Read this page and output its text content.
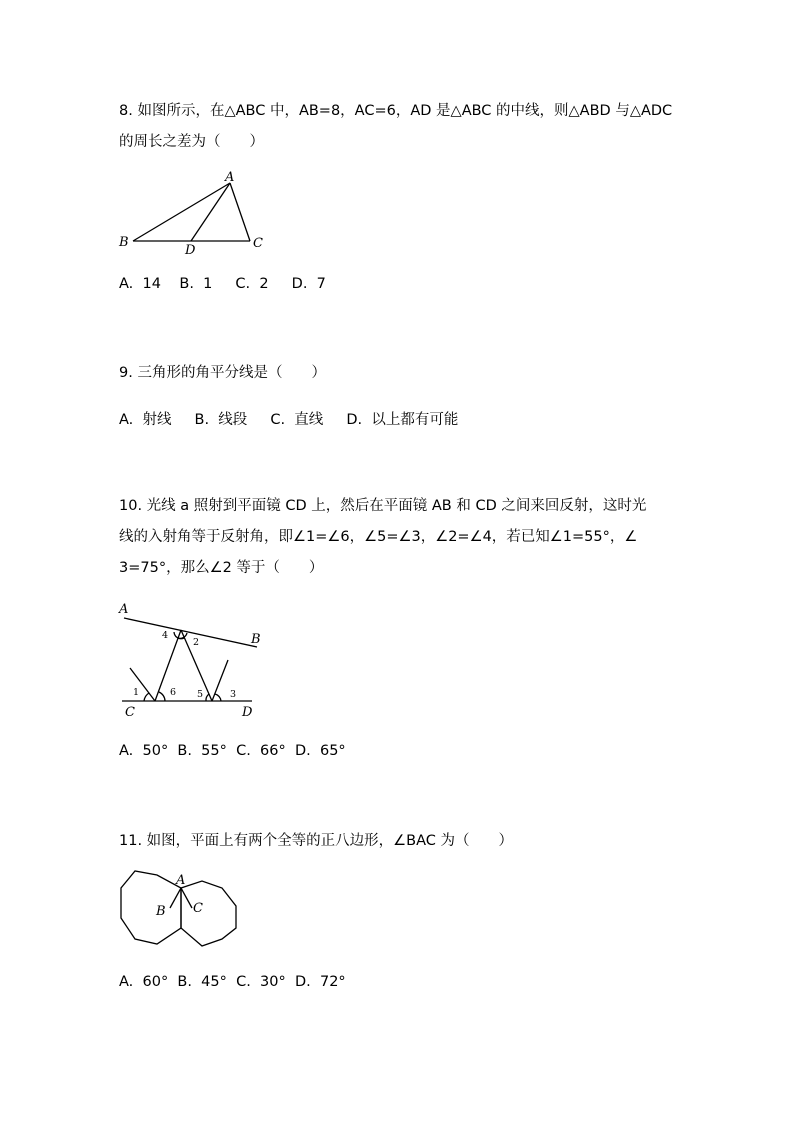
8. 如图所示，在△ABC 中，AB=8，AC=6，AD 是△ABC 的中线，则△ABD 与△ADC

的周长之差为（　　）

A
B	C
D
A.  14    B.  1     C.  2     D.  7

9. 三角形的角平分线是（　　）

A.  射线     B.  线段     C.  直线     D.  以上都有可能

10. 光线 a 照射到平面镜 CD 上，然后在平面镜 AB 和 CD 之间来回反射，这时光

线的入射角等于反射角，即∠1=∠6，∠5=∠3，∠2=∠4，若已知∠1=55°，∠

3=75°，那么∠2 等于（　　）

A
B
C	D
1
2
3
4
5
6
A.  50°  B.  55°  C.  66°  D.  65°

11. 如图，平面上有两个全等的正八边形，∠BAC 为（　　）

A
B C
A.  60°  B.  45°  C.  30°  D.  72°
